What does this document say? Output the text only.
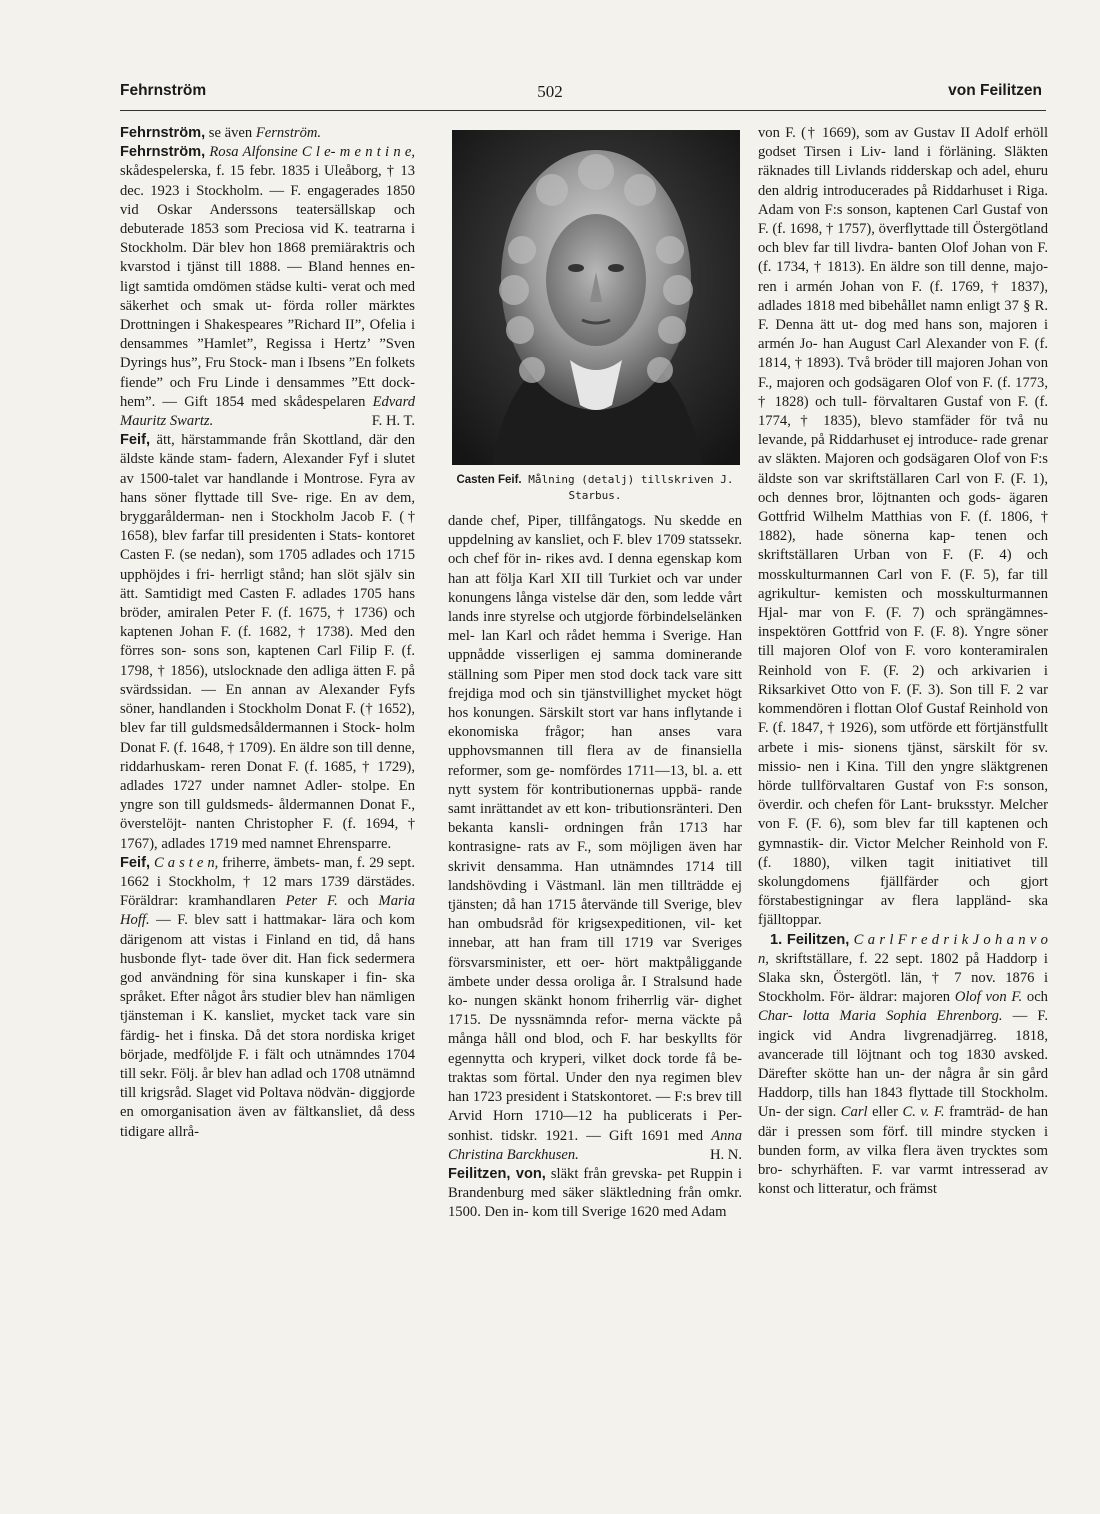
502
Fehrnström	von Feilitzen

Fehrnström, se även Fernström.

Fehrnström, Rosa Alfonsine C l e- m e n t i n e, skådespelerska, f. 15 febr. 1835 i Uleåborg, † 13 dec. 1923 i Stockholm. — F. engagerades 1850 vid Oskar Anderssons teatersällskap och debuterade 1853 som Preciosa vid K. teatrarna i Stockholm. Där blev hon 1868 premiäraktris och kvarstod i tjänst till 1888. — Bland hennes en- ligt samtida omdömen städse kulti- verat och med säkerhet och smak ut- förda roller märktes Drottningen i Shakespeares ”Richard II”, Ofelia i densammes ”Hamlet”, Regissa i Hertz’ ”Sven Dyrings hus”, Fru Stock- man i Ibsens ”En folkets fiende” och Fru Linde i densammes ”Ett dock- hem”. — Gift 1854 med skådespelaren Edvard Mauritz Swartz.	F. H. T.

Feif, ätt, härstammande från Skottland, där den äldste kände stam- fadern, Alexander Fyf i slutet av 1500-talet var handlande i Montrose. Fyra av hans söner flyttade till Sve- rige. En av dem, bryggarålderman- nen i Stockholm Jacob F. († 1658), blev farfar till presidenten i Stats- kontoret Casten F. (se nedan), som 1705 adlades och 1715 upphöjdes i fri- herrligt stånd; han slöt själv sin ätt. Samtidigt med Casten F. adlades 1705 hans bröder, amiralen Peter F. (f. 1675, † 1736) och kaptenen Johan F. (f. 1682, † 1738). Med den förres son- sons son, kaptenen Carl Filip F. (f. 1798, † 1856), utslocknade den adliga ätten F. på svärdssidan. — En annan av Alexander Fyfs söner, handlanden i Stockholm Donat F. († 1652), blev far till guldsmedsåldermannen i Stock- holm Donat F. (f. 1648, † 1709). En äldre son till denne, riddarhuskam- reren Donat F. (f. 1685, † 1729), adlades 1727 under namnet Adler- stolpe. En yngre son till guldsmeds- åldermannen Donat F., överstelöjt- nanten Christopher F. (f. 1694, † 1767), adlades 1719 med namnet Ehrensparre.

Feif, C a s t e n, friherre, ämbets- man, f. 29 sept. 1662 i Stockholm, † 12 mars 1739 därstädes. Föräldrar: kramhandlaren Peter F. och Maria Hoff. — F. blev satt i hattmakar- lära och kom därigenom att vistas i Finland en tid, då hans husbonde flyt- tade över dit. Han fick sedermera god användning för sina kunskaper i fin- ska språket. Efter något års studier blev han nämligen tjänsteman i K. kansliet, mycket tack vare sin färdig- het i finska. Då det stora nordiska kriget började, medföljde F. i fält och utnämndes 1704 till sekr. Följ. år blev han adlad och 1708 utnämnd till krigsråd. Slaget vid Poltava nödvän- diggjorde en omorganisation även av fältkansliet, då dess tidigare allrå-

Casten Feif. Målning (detalj) tillskriven J. Starbus.

dande chef, Piper, tillfångatogs. Nu skedde en uppdelning av kansliet, och F. blev 1709 statssekr. och chef för in- rikes avd. I denna egenskap kom han att följa Karl XII till Turkiet och var under konungens långa vistelse där den, som ledde vårt lands inre styrelse och utgjorde förbindelselänken mel- lan Karl och rådet hemma i Sverige. Han uppnådde visserligen ej samma dominerande ställning som Piper men stod dock tack vare sitt frejdiga mod och sin tjänstvillighet mycket högt hos konungen. Särskilt stort var hans inflytande i ekonomiska frågor; han anses vara upphovsmannen till flera av de finansiella reformer, som ge- nomfördes 1711—13, bl. a. ett nytt system för kontributionernas uppbä- rande samt inrättandet av ett kon- tributionsränteri. Den bekanta kansli- ordningen från 1713 har kontrasigne- rats av F., som möjligen även har skrivit densamma. Han utnämndes 1714 till landshövding i Västmanl. län men tillträdde ej tjänsten; då han 1715 återvände till Sverige, blev han ombudsråd för krigsexpeditionen, vil- ket innebar, att han fram till 1719 var Sveriges försvarsminister, ett oer- hört maktpåliggande ämbete under dessa oroliga år. I Stralsund hade ko- nungen skänkt honom friherrlig vär- dighet 1715. De nyssnämnda refor- merna väckte på många håll ond blod, och F. har beskyllts för egennytta och kryperi, vilket dock torde få be- traktas som förtal. Under den nya regimen blev han 1723 president i Statskontoret. — F:s brev till Arvid Horn 1710—12 ha publicerats i Per- sonhist. tidskr. 1921. — Gift 1691 med Anna Christina Barckhusen.	H. N.

Feilitzen, von, släkt från grevska- pet Ruppin i Brandenburg med säker släktledning från omkr. 1500. Den in- kom till Sverige 1620 med Adam

von F. († 1669), som av Gustav II Adolf erhöll godset Tirsen i Liv- land i förläning. Släkten räknades till Livlands ridderskap och adel, ehuru den aldrig introducerades på Riddarhuset i Riga. Adam von F:s sonson, kaptenen Carl Gustaf von F. (f. 1698, † 1757), överflyttade till Östergötland och blev far till livdra- banten Olof Johan von F. (f. 1734, † 1813). En äldre son till denne, majo- ren i armén Johan von F. (f. 1769, † 1837), adlades 1818 med bibehållet namn enligt 37 § R. F. Denna ätt ut- dog med hans son, majoren i armén Jo- han August Carl Alexander von F. (f. 1814, † 1893). Två bröder till majoren Johan von F., majoren och godsägaren Olof von F. (f. 1773, † 1828) och tull- förvaltaren Gustaf von F. (f. 1774, † 1835), blevo stamfäder för två nu levande, på Riddarhuset ej introduce- rade grenar av släkten. Majoren och godsägaren Olof von F:s äldste son var skriftställaren Carl von F. (F. 1), och dennes bror, löjtnanten och gods- ägaren Gottfrid Wilhelm Matthias von F. (f. 1806, † 1882), hade sönerna kap- tenen och skriftställaren Urban von F. (F. 4) och mosskulturmannen Carl von F. (F. 5), far till agrikultur- kemisten och mosskulturmannen Hjal- mar von F. (F. 7) och sprängämnes- inspektören Gottfrid von F. (F. 8). Yngre söner till majoren Olof von F. voro konteramiralen Reinhold von F. (F. 2) och arkivarien i Riksarkivet Otto von F. (F. 3). Son till F. 2 var kommendören i flottan Olof Gustaf Reinhold von F. (f. 1847, † 1926), som utförde ett förtjänstfullt arbete i mis- sionens tjänst, särskilt för sv. missio- nen i Kina. Till den yngre släktgrenen hörde tullförvaltaren Gustaf von F:s sonson, överdir. och chefen för Lant- bruksstyr. Melcher von F. (F. 6), som blev far till kaptenen och gymnastik- dir. Victor Melcher Reinhold von F. (f. 1880), vilken tagit initiativet till skolungdomens fjällfärder och gjort förstabestigningar av flera lappländ- ska fjälltoppar.

1. Feilitzen, C a r l F r e d r i k J o h a n v o n, skriftställare, f. 22 sept. 1802 på Haddorp i Slaka skn, Östergötl. län, † 7 nov. 1876 i Stockholm. För- äldrar: majoren Olof von F. och Char- lotta Maria Sophia Ehrenborg. — F. ingick vid Andra livgrenadjärreg. 1818, avancerade till löjtnant och tog 1830 avsked. Därefter skötte han un- der några år sin gård Haddorp, tills han 1843 flyttade till Stockholm. Un- der sign. Carl eller C. v. F. framträd- de han där i pressen som förf. till mindre stycken i bunden form, av vilka flera även trycktes som bro- schyrhäften. F. var varmt intresserad av konst och litteratur, och främst
